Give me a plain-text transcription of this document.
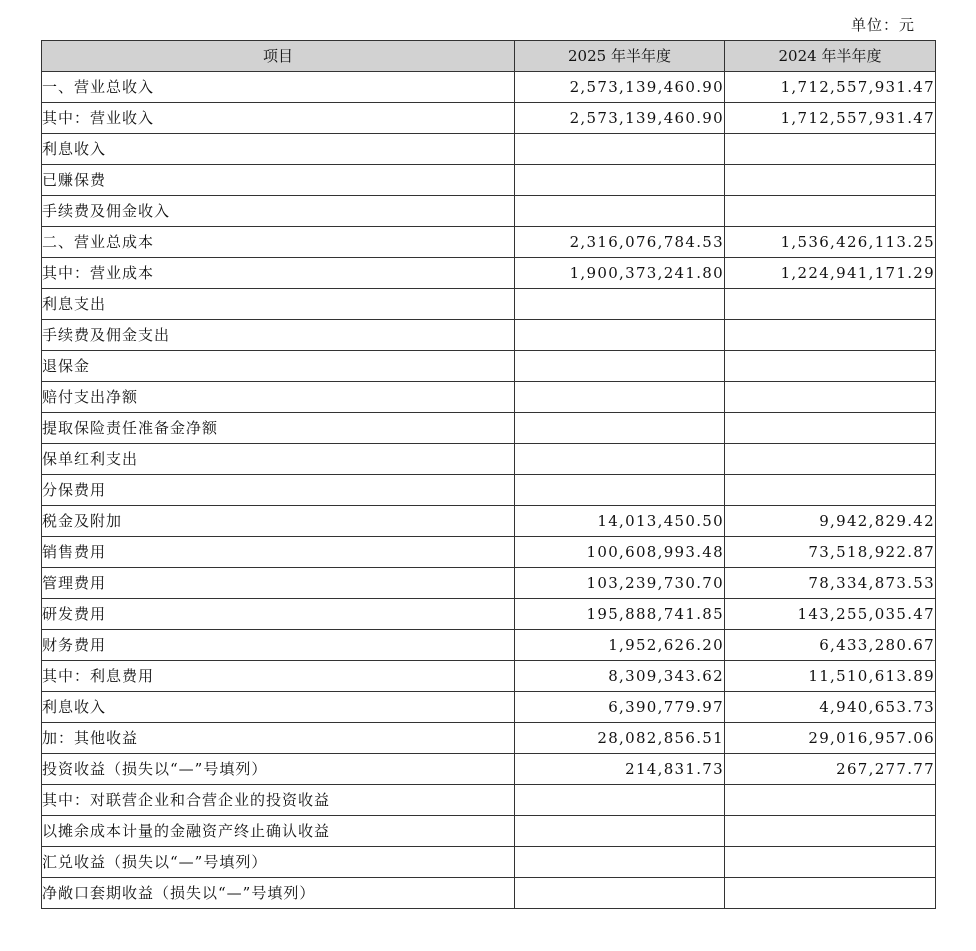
单位：元
项目	2025 年半年度	2024 年半年度
一、营业总收入	2,573,139,460.90	1,712,557,931.47
其中：营业收入	2,573,139,460.90	1,712,557,931.47
利息收入		
已赚保费		
手续费及佣金收入		
二、营业总成本	2,316,076,784.53	1,536,426,113.25
其中：营业成本	1,900,373,241.80	1,224,941,171.29
利息支出		
手续费及佣金支出		
退保金		
赔付支出净额		
提取保险责任准备金净额		
保单红利支出		
分保费用		
税金及附加	14,013,450.50	9,942,829.42
销售费用	100,608,993.48	73,518,922.87
管理费用	103,239,730.70	78,334,873.53
研发费用	195,888,741.85	143,255,035.47
财务费用	1,952,626.20	6,433,280.67
其中：利息费用	8,309,343.62	11,510,613.89
利息收入	6,390,779.97	4,940,653.73
加：其他收益	28,082,856.51	29,016,957.06
投资收益（损失以“—”号填列）	214,831.73	267,277.77
其中：对联营企业和合营企业的投资收益		
以摊余成本计量的金融资产终止确认收益		
汇兑收益（损失以“—”号填列）		
净敞口套期收益（损失以“—”号填列）		
